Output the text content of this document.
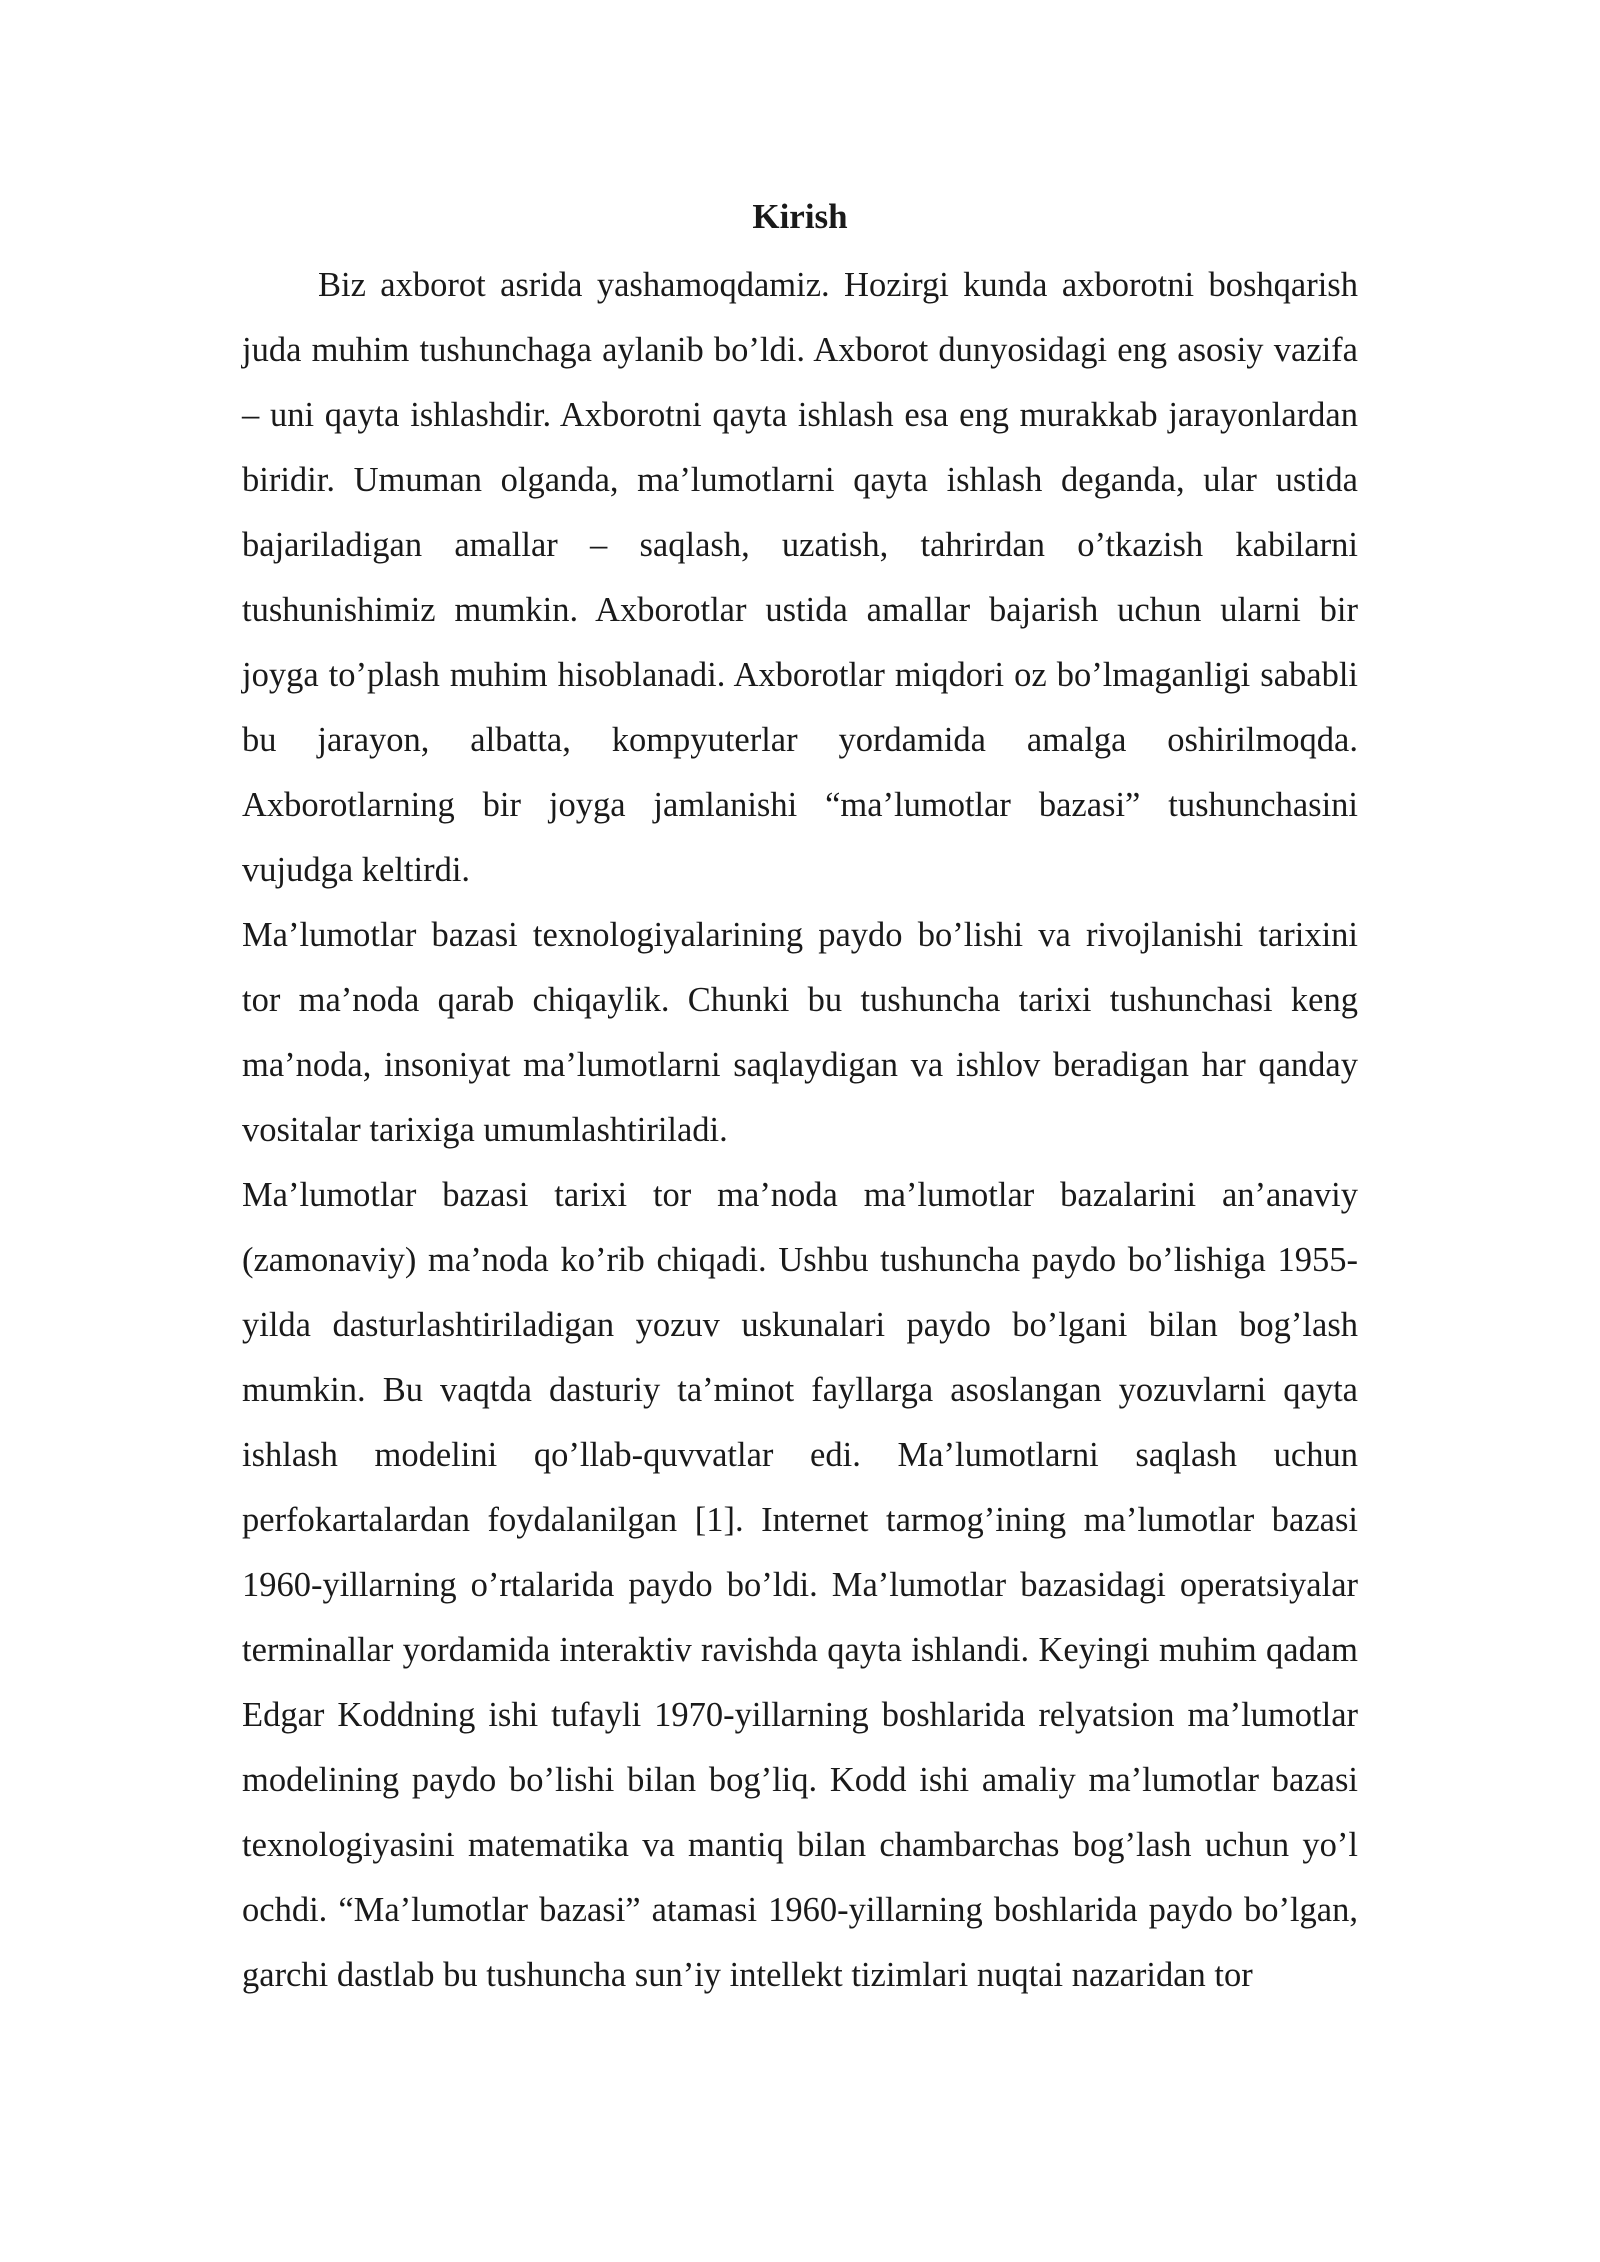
Kirish

Biz axborot asrida yashamoqdamiz. Hozirgi kunda axborotni boshqarish juda muhim tushunchaga aylanib bo’ldi. Axborot dunyosidagi eng asosiy vazifa – uni qayta ishlashdir. Axborotni qayta ishlash esa eng murakkab jarayonlardan biridir. Umuman olganda, ma’lumotlarni qayta ishlash deganda, ular ustida bajariladigan amallar – saqlash, uzatish, tahrirdan o’tkazish kabilarni tushunishimiz mumkin. Axborotlar ustida amallar bajarish uchun ularni bir joyga to’plash muhim hisoblanadi. Axborotlar miqdori oz bo’lmaganligi sababli bu jarayon, albatta, kompyuterlar yordamida amalga oshirilmoqda. Axborotlarning bir joyga jamlanishi “ma’lumotlar bazasi” tushunchasini vujudga keltirdi.

Ma’lumotlar bazasi texnologiyalarining paydo bo’lishi va rivojlanishi tarixini tor ma’noda qarab chiqaylik. Chunki bu tushuncha tarixi tushunchasi keng ma’noda, insoniyat ma’lumotlarni saqlaydigan va ishlov beradigan har qanday vositalar tarixiga umumlashtiriladi.

Ma’lumotlar bazasi tarixi tor ma’noda ma’lumotlar bazalarini an’anaviy (zamonaviy) ma’noda ko’rib chiqadi. Ushbu tushuncha paydo bo’lishiga 1955-yilda dasturlashtiriladigan yozuv uskunalari paydo bo’lgani bilan bog’lash mumkin. Bu vaqtda dasturiy ta’minot fayllarga asoslangan yozuvlarni qayta ishlash modelini qo’llab-quvvatlar edi. Ma’lumotlarni saqlash uchun perfokartalardan foydalanilgan [1]. Internet tarmog’ining ma’lumotlar bazasi 1960-yillarning o’rtalarida paydo bo’ldi. Ma’lumotlar bazasidagi operatsiyalar terminallar yordamida interaktiv ravishda qayta ishlandi. Keyingi muhim qadam Edgar Koddning ishi tufayli 1970-yillarning boshlarida relyatsion ma’lumotlar modelining paydo bo’lishi bilan bog’liq. Kodd ishi amaliy ma’lumotlar bazasi texnologiyasini matematika va mantiq bilan chambarchas bog’lash uchun yo’l ochdi. “Ma’lumotlar bazasi” atamasi 1960-yillarning boshlarida paydo bo’lgan, garchi dastlab bu tushuncha sun’iy intellekt tizimlari nuqtai nazaridan tor
